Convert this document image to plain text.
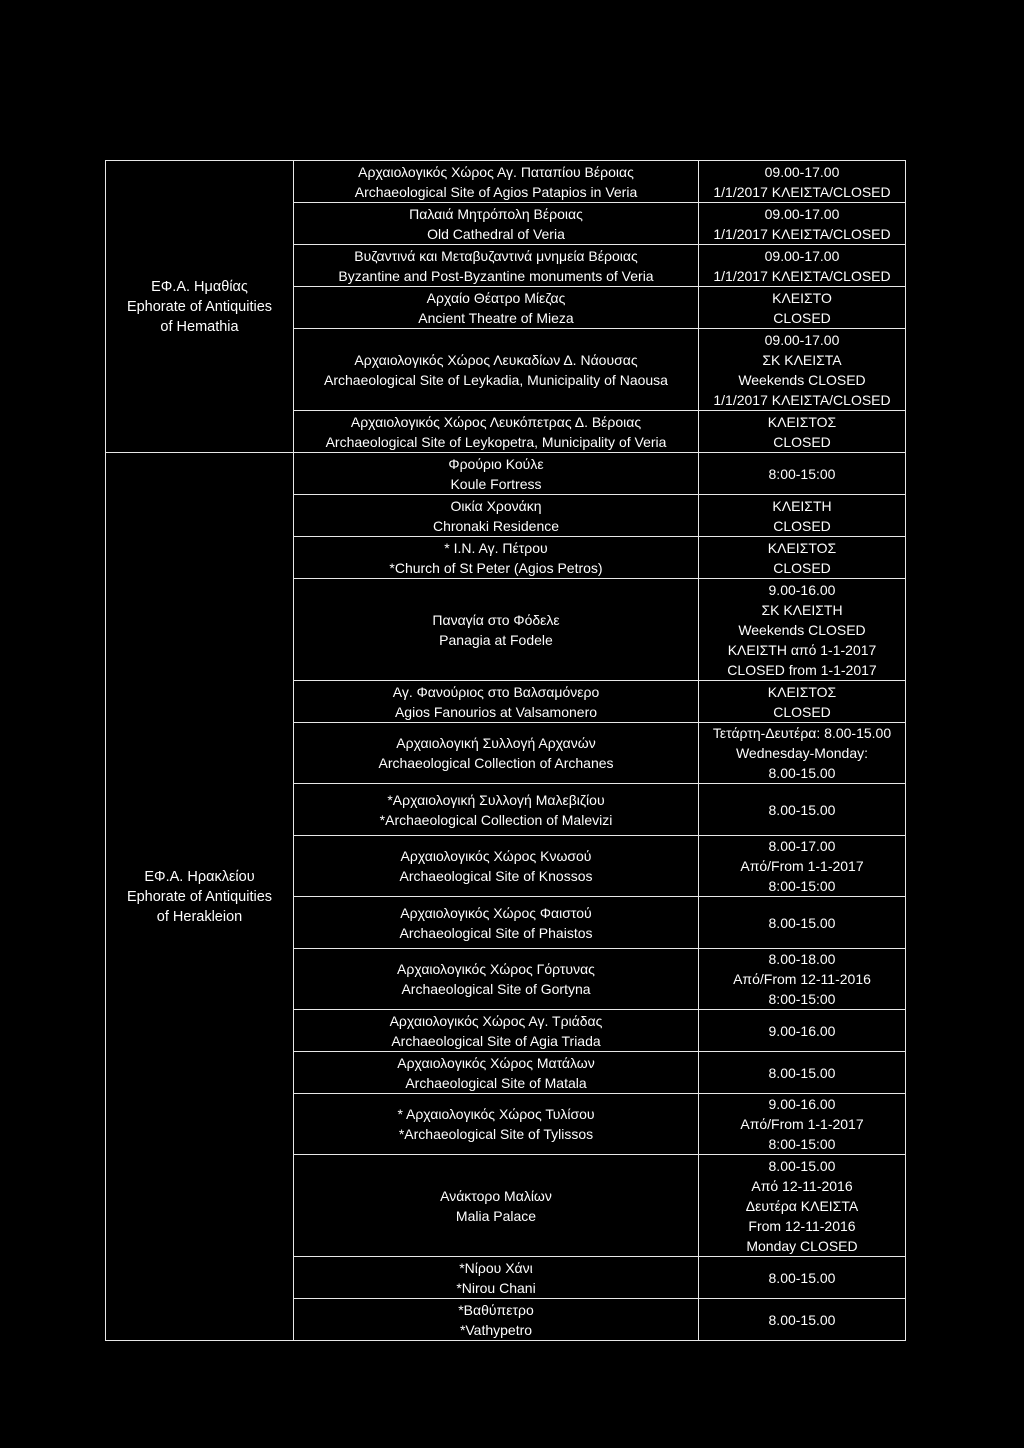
ΕΦ.Α. Ημαθίας
Ephorate of Antiquities
of Hemathia	Αρχαιολογικός Χώρος Αγ. Παταπίου Βέροιας
Archaeological Site of Agios Patapios in Veria	09.00-17.00
1/1/2017 ΚΛΕΙΣΤΑ/CLOSED

	Παλαιά Μητρόπολη Βέροιας
Old Cathedral of Veria	09.00-17.00
1/1/2017 ΚΛΕΙΣΤΑ/CLOSED

	Βυζαντινά και Μεταβυζαντινά μνημεία Βέροιας
Byzantine and Post-Byzantine monuments of Veria	09.00-17.00
1/1/2017 ΚΛΕΙΣΤΑ/CLOSED

	Αρχαίο Θέατρο Μίεζας
Ancient Theatre of Mieza	ΚΛΕΙΣΤΟ
CLOSED

	Αρχαιολογικός Χώρος Λευκαδίων Δ. Νάουσας
Archaeological Site of Leykadia, Municipality of Naousa	09.00-17.00
ΣΚ ΚΛΕΙΣΤΑ
Weekends CLOSED
1/1/2017 ΚΛΕΙΣΤΑ/CLOSED

	Αρχαιολογικός Χώρος Λευκόπετρας Δ. Βέροιας
Archaeological Site of Leykopetra, Municipality of Veria	ΚΛΕΙΣΤΟΣ
CLOSED

ΕΦ.Α. Ηρακλείου
Ephorate of Antiquities
of Herakleion	Φρούριο Κούλε
Koule Fortress	8:00-15:00

	Οικία Χρονάκη
Chronaki Residence	ΚΛΕΙΣΤΗ
CLOSED

	* Ι.Ν. Αγ. Πέτρου
*Church of St Peter (Agios Petros)	ΚΛΕΙΣΤΟΣ
CLOSED

	Παναγία στο Φόδελε
Panagia at Fodele	9.00-16.00
ΣΚ ΚΛΕΙΣΤΗ
Weekends CLOSED
ΚΛΕΙΣΤΗ από 1-1-2017
CLOSED from 1-1-2017

	Αγ. Φανούριος στο Βαλσαμόνερο
Agios Fanourios at Valsamonero	ΚΛΕΙΣΤΟΣ
CLOSED

	Αρχαιολογική Συλλογή Αρχανών
Archaeological Collection of Archanes	Τετάρτη-Δευτέρα: 8.00-15.00
Wednesday-Monday:
8.00-15.00

	*Αρχαιολογική Συλλογή Μαλεβιζίου
*Archaeological Collection of Malevizi	8.00-15.00

	Αρχαιολογικός Χώρος Κνωσού
Archaeological Site of Knossos	8.00-17.00
Από/From 1-1-2017
8:00-15:00

	Αρχαιολογικός Χώρος Φαιστού
Archaeological Site of Phaistos	8.00-15.00

	Αρχαιολογικός Χώρος Γόρτυνας
Archaeological Site of Gortyna	8.00-18.00
Από/From 12-11-2016
8:00-15:00

	Αρχαιολογικός Χώρος Αγ. Τριάδας
Archaeological Site of Agia Triada	9.00-16.00

	Αρχαιολογικός Χώρος Ματάλων
Archaeological Site of Matala	8.00-15.00

	* Αρχαιολογικός Χώρος Τυλίσου
*Archaeological Site of Tylissos	9.00-16.00
Από/From 1-1-2017
8:00-15:00

	Ανάκτορο Μαλίων
Malia Palace	8.00-15.00
Από 12-11-2016
Δευτέρα ΚΛΕΙΣΤΑ
From 12-11-2016
Monday CLOSED

	*Νίρου Χάνι
*Nirou Chani	8.00-15.00

	*Βαθύπετρο
*Vathypetro	8.00-15.00
